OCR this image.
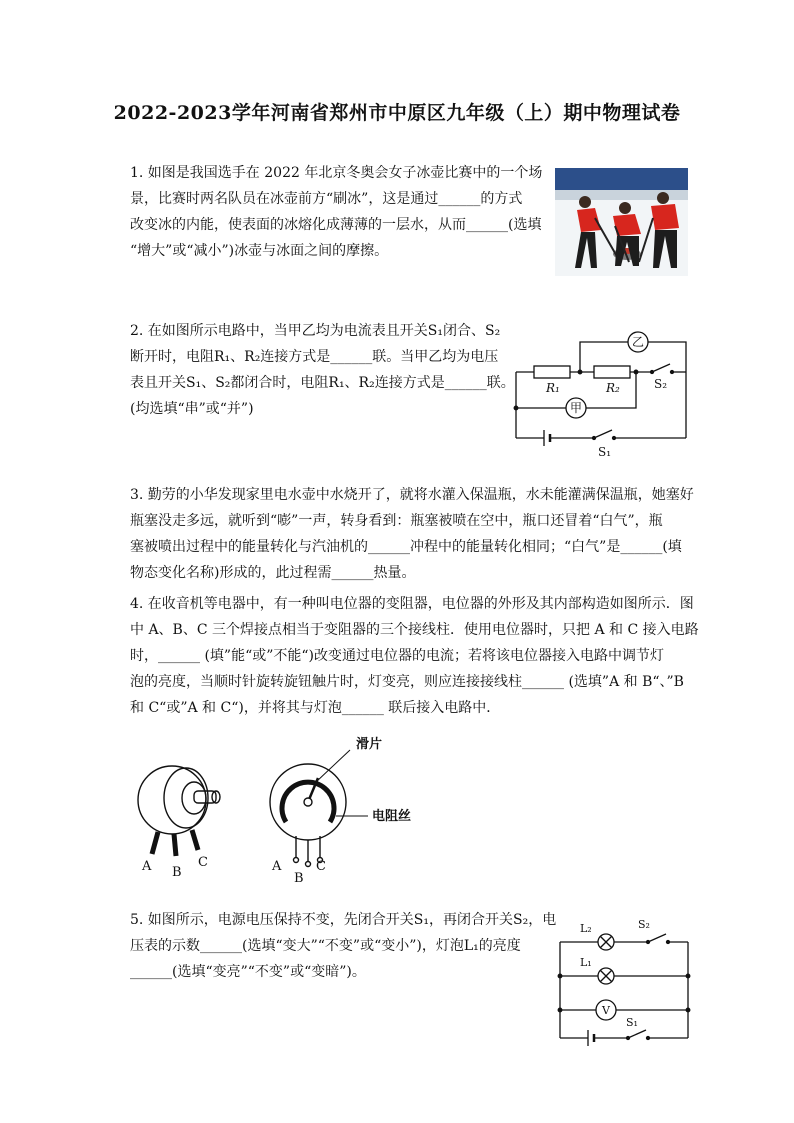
2022-2023学年河南省郑州市中原区九年级（上）期中物理试卷

1. 如图是我国选手在 2022 年北京冬奥会女子冰壶比赛中的一个场

景，比赛时两名队员在冰壶前方“刷冰”，这是通过______的方式

改变冰的内能，使表面的冰熔化成薄薄的一层水，从而______(选填

“增大”或“减小”)冰壶与冰面之间的摩擦。

2. 在如图所示电路中，当甲乙均为电流表且开关S₁闭合、S₂

断开时，电阻R₁、R₂连接方式是______联。当甲乙均为电压

表且开关S₁、S₂都闭合时，电阻R₁、R₂连接方式是______联。

(均选填“串”或“并”)

乙
甲
R₁	R₂	S₂
S₁

3. 勤劳的小华发现家里电水壶中水烧开了，就将水灌入保温瓶，水未能灌满保温瓶，她塞好

瓶塞没走多远，就听到“嘭”一声，转身看到：瓶塞被喷在空中，瓶口还冒着“白气”，瓶

塞被喷出过程中的能量转化与汽油机的______冲程中的能量转化相同；“白气”是______(填

物态变化名称)形成的，此过程需______热量。

4. 在收音机等电器中，有一种叫电位器的变阻器，电位器的外形及其内部构造如图所示．图

中 A、B、C 三个焊接点相当于变阻器的三个接线柱．使用电位器时，只把 A 和 C 接入电路

时，______ (填”能“或”不能“)改变通过电位器的电流；若将该电位器接入电路中调节灯

泡的亮度，当顺时针旋转旋钮触片时，灯变亮，则应连接接线柱______ (选填”A 和 B“、”B

和 C“或”A 和 C“)，并将其与灯泡______ 联后接入电路中．

滑片
电阻丝
A B
C	A
B
C

5. 如图所示，电源电压保持不变，先闭合开关S₁，再闭合开关S₂，电

压表的示数______(选填“变大”“不变”或“变小”)，灯泡L₁的亮度

______(选填“变亮”“不变”或“变暗”)。

L₂
L₁
S₂
S₁
V
